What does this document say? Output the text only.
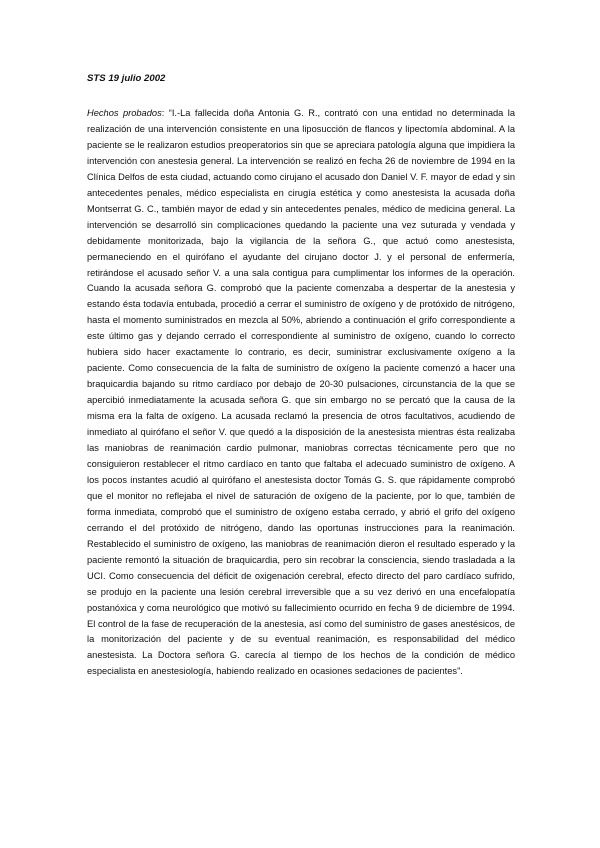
STS 19 julio 2002

Hechos probados: “I.-La fallecida doña Antonia G. R., contrató con una entidad no determinada la realización de una intervención consistente en una liposucción de flancos y lipectomía abdominal. A la paciente se le realizaron estudios preoperatorios sin que se apreciara patología alguna que impidiera la intervención con anestesia general. La intervención se realizó en fecha 26 de noviembre de 1994 en la Clínica Delfos de esta ciudad, actuando como cirujano el acusado don Daniel V. F. mayor de edad y sin antecedentes penales, médico especialista en cirugía estética y como anestesista la acusada doña Montserrat G. C., también mayor de edad y sin antecedentes penales, médico de medicina general. La intervención se desarrolló sin complicaciones quedando la paciente una vez suturada y vendada y debidamente monitorizada, bajo la vigilancia de la señora G., que actuó como anestesista, permaneciendo en el quirófano el ayudante del cirujano doctor J. y el personal de enfermería, retirándose el acusado señor V. a una sala contigua para cumplimentar los informes de la operación. Cuando la acusada señora G. comprobó que la paciente comenzaba a despertar de la anestesia y estando ésta todavía entubada, procedió a cerrar el suministro de oxígeno y de protóxido de nitrógeno, hasta el momento suministrados en mezcla al 50%, abriendo a continuación el grifo correspondiente a este último gas y dejando cerrado el correspondiente al suministro de oxígeno, cuando lo correcto hubiera sido hacer exactamente lo contrario, es decir, suministrar exclusivamente oxígeno a la paciente. Como consecuencia de la falta de suministro de oxígeno la paciente comenzó a hacer una braquicardia bajando su ritmo cardíaco por debajo de 20-30 pulsaciones, circunstancia de la que se apercibió inmediatamente la acusada señora G. que sin embargo no se percató que la causa de la misma era la falta de oxígeno. La acusada reclamó la presencia de otros facultativos, acudiendo de inmediato al quirófano el señor V. que quedó a la disposición de la anestesista mientras ésta realizaba las maniobras de reanimación cardio pulmonar, maniobras correctas técnicamente pero que no consiguieron restablecer el ritmo cardíaco en tanto que faltaba el adecuado suministro de oxígeno. A los pocos instantes acudió al quirófano el anestesista doctor Tomás G. S. que rápidamente comprobó que el monitor no reflejaba el nivel de saturación de oxígeno de la paciente, por lo que, también de forma inmediata, comprobó que el suministro de oxígeno estaba cerrado, y abrió el grifo del oxígeno cerrando el del protóxido de nitrógeno, dando las oportunas instrucciones para la reanimación. Restablecido el suministro de oxígeno, las maniobras de reanimación dieron el resultado esperado y la paciente remontó la situación de braquicardia, pero sin recobrar la consciencia, siendo trasladada a la UCI. Como consecuencia del déficit de oxigenación cerebral, efecto directo del paro cardíaco sufrido, se produjo en la paciente una lesión cerebral irreversible que a su vez derivó en una encefalopatía postanóxica y coma neurológico que motivó su fallecimiento ocurrido en fecha 9 de diciembre de 1994. El control de la fase de recuperación de la anestesia, así como del suministro de gases anestésicos, de la monitorización del paciente y de su eventual reanimación, es responsabilidad del médico anestesista. La Doctora señora G. carecía al tiempo de los hechos de la condición de médico especialista en anestesiología, habiendo realizado en ocasiones sedaciones de pacientes”.
